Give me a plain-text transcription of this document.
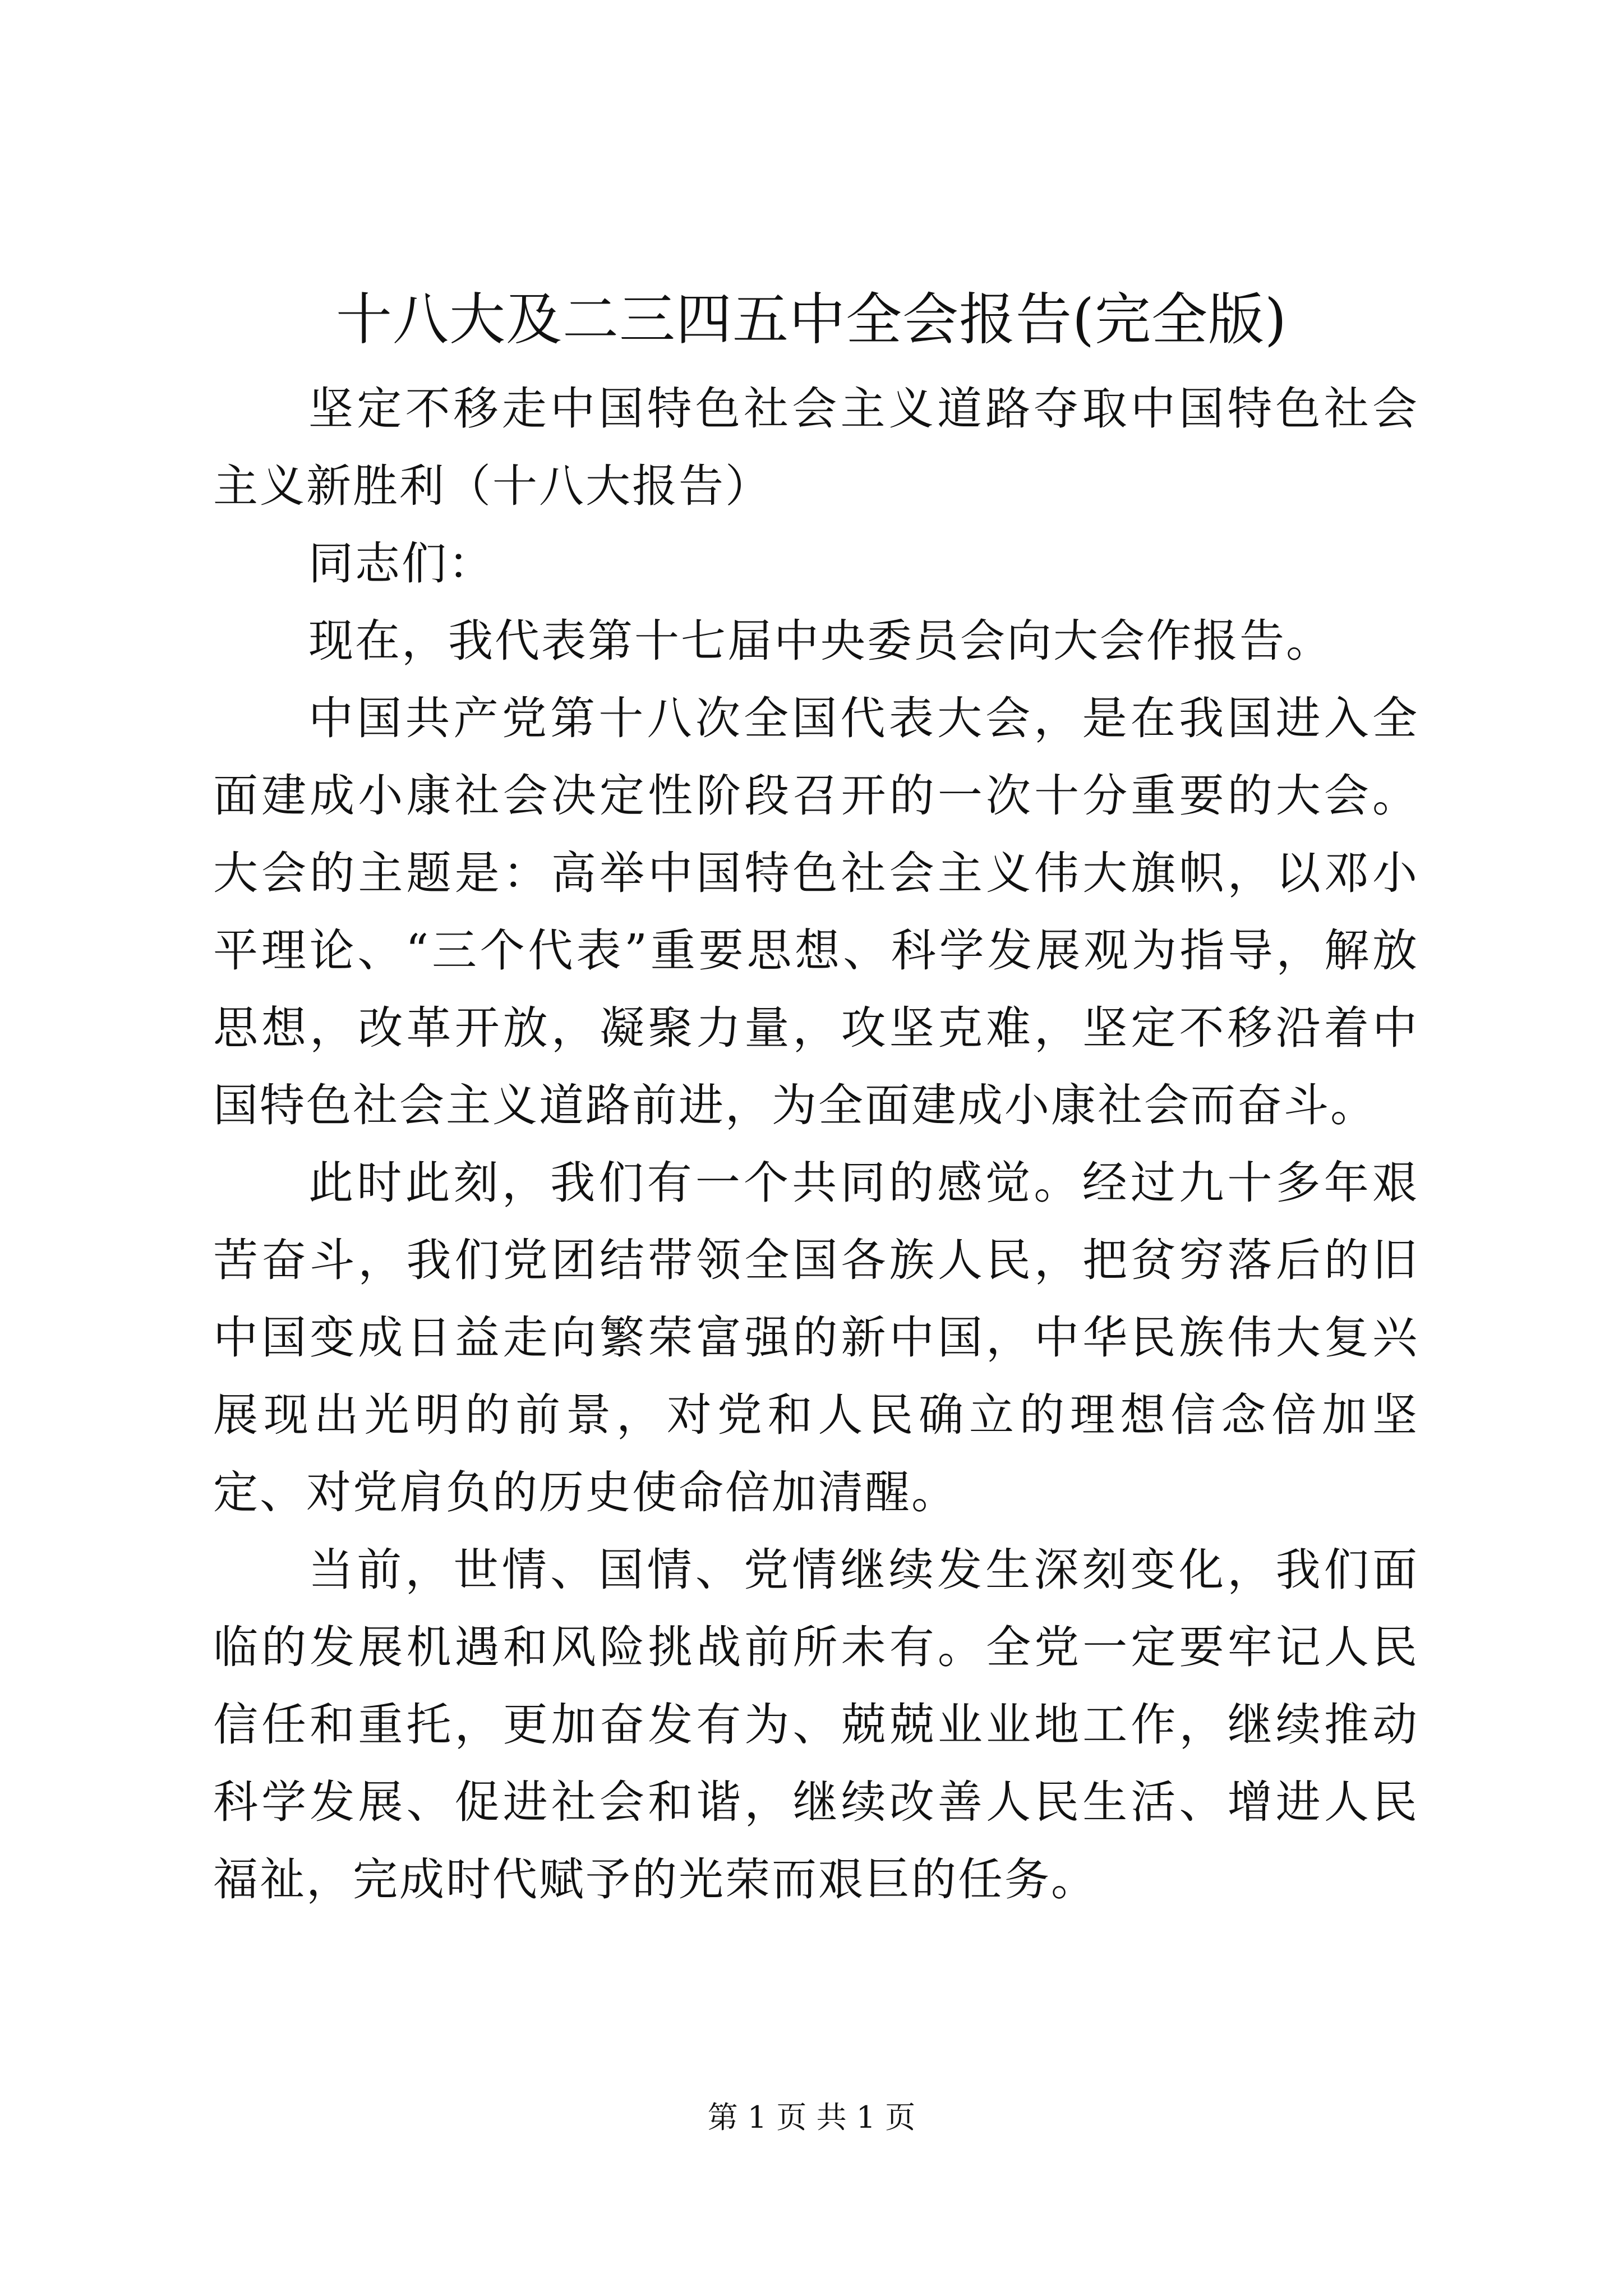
十八大及二三四五中全会报告(完全版)

坚定不移走中国特色社会主义道路夺取中国特色社会主义新胜利（十八大报告）

同志们：

现在，我代表第十七届中央委员会向大会作报告。

中国共产党第十八次全国代表大会，是在我国进入全面建成小康社会决定性阶段召开的一次十分重要的大会。大会的主题是：高举中国特色社会主义伟大旗帜，以邓小平理论、“三个代表”重要思想、科学发展观为指导，解放思想，改革开放，凝聚力量，攻坚克难，坚定不移沿着中国特色社会主义道路前进，为全面建成小康社会而奋斗。

此时此刻，我们有一个共同的感觉。经过九十多年艰苦奋斗，我们党团结带领全国各族人民，把贫穷落后的旧中国变成日益走向繁荣富强的新中国，中华民族伟大复兴展现出光明的前景，对党和人民确立的理想信念倍加坚定、对党肩负的历史使命倍加清醒。

当前，世情、国情、党情继续发生深刻变化，我们面临的发展机遇和风险挑战前所未有。全党一定要牢记人民信任和重托，更加奋发有为、兢兢业业地工作，继续推动科学发展、促进社会和谐，继续改善人民生活、增进人民福祉，完成时代赋予的光荣而艰巨的任务。

第 1 页 共 1 页
